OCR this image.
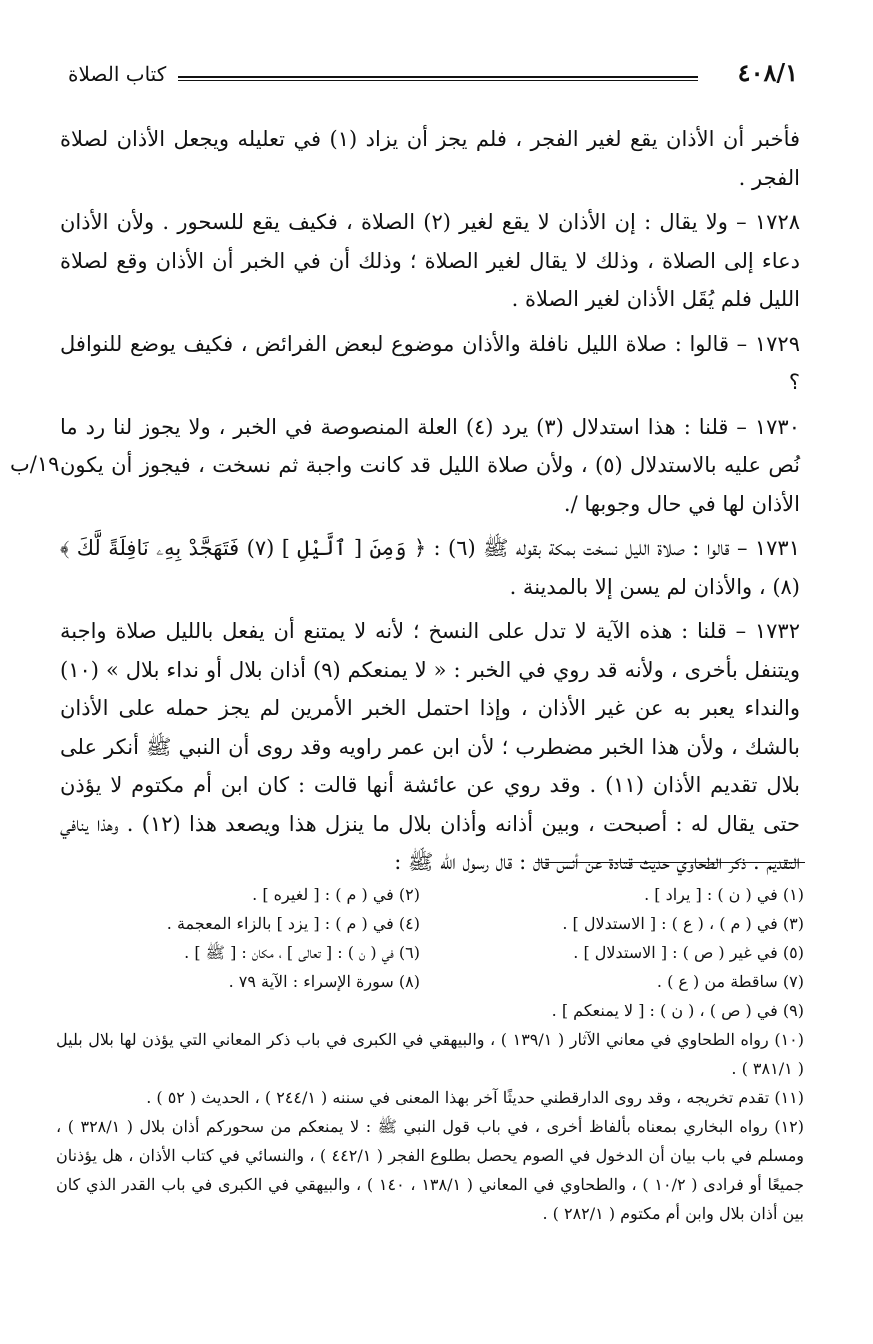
٤٠٨/١
كتاب الصلاة
١٩/ب

فأخبر أن الأذان يقع لغير الفجر ، فلم يجز أن يزاد (١) في تعليله ويجعل الأذان لصلاة الفجر .

١٧٢٨ – ولا يقال : إن الأذان لا يقع لغير (٢) الصلاة ، فكيف يقع للسحور . ولأن الأذان دعاء إلى الصلاة ، وذلك لا يقال لغير الصلاة ؛ وذلك أن في الخبر أن الأذان وقع لصلاة الليل فلم يُقَل الأذان لغير الصلاة .

١٧٢٩ – قالوا : صلاة الليل نافلة والأذان موضوع لبعض الفرائض ، فكيف يوضع للنوافل ؟

١٧٣٠ – قلنا : هذا استدلال (٣) يرد (٤) العلة المنصوصة في الخبر ، ولا يجوز لنا رد ما نُص عليه بالاستدلال (٥) ، ولأن صلاة الليل قد كانت واجبة ثم نسخت ، فيجوز أن يكون الأذان لها في حال وجوبها /.

١٧٣١ – قالوا : صلاة الليل نسخت بمكة بقوله ﷺ (٦) : ﴿ وَمِنَ [ ٱلَّيْلِ ] (٧) فَتَهَجَّدْ بِهِۦ نَافِلَةً لَّكَ ﴾ (٨) ، والأذان لم يسن إلا بالمدينة .

١٧٣٢ – قلنا : هذه الآية لا تدل على النسخ ؛ لأنه لا يمتنع أن يفعل بالليل صلاة واجبة ويتنفل بأخرى ، ولأنه قد روي في الخبر : « لا يمنعكم (٩) أذان بلال أو نداء بلال » (١٠) والنداء يعبر به عن غير الأذان ، وإذا احتمل الخبر الأمرين لم يجز حمله على الأذان بالشك ، ولأن هذا الخبر مضطرب ؛ لأن ابن عمر راويه وقد روى أن النبي ﷺ أنكر على بلال تقديم الأذان (١١) . وقد روي عن عائشة أنها قالت : كان ابن أم مكتوم لا يؤذن حتى يقال له : أصبحت ، وبين أذانه وأذان بلال ما ينزل هذا ويصعد هذا (١٢) . وهذا ينافي التقديم . ذكر الطحاوي حديث قتادة عن أنس قال : قال رسول الله ﷺ :

(١) في ( ن ) : [ يراد ] .
(٢) في ( م ) : [ لغيره ] .
(٣) في ( م ) ، ( ع ) : [ الاستدلال ] .
(٤) في ( م ) : [ يزد ] بالزاء المعجمة .
(٥) في غير ( ص ) : [ الاستدلال ] .
(٦) في ( ن ) : [ تعالى ] ، مكان : [ ﷺ ] .
(٧) ساقطة من ( ع ) .
(٨) سورة الإسراء : الآية ٧٩ .
(٩) في ( ص ) ، ( ن ) : [ لا يمنعكم ] .
(١٠) رواه الطحاوي في معاني الآثار ( ١٣٩/١ ) ، والبيهقي في الكبرى في باب ذكر المعاني التي يؤذن لها بلال بليل ( ٣٨١/١ ) .
(١١) تقدم تخريجه ، وقد روى الدارقطني حديثًا آخر بهذا المعنى في سننه ( ٢٤٤/١ ) ، الحديث ( ٥٢ ) .
(١٢) رواه البخاري بمعناه بألفاظ أخرى ، في باب قول النبي ﷺ : لا يمنعكم من سحوركم أذان بلال ( ٣٢٨/١ ) ، ومسلم في باب بيان أن الدخول في الصوم يحصل بطلوع الفجر ( ٤٤٢/١ ) ، والنسائي في كتاب الأذان ، هل يؤذنان جميعًا أو فرادى ( ١٠/٢ ) ، والطحاوي في المعاني ( ١٣٨/١ ، ١٤٠ ) ، والبيهقي في الكبرى في باب القدر الذي كان بين أذان بلال وابن أم مكتوم ( ٢٨٢/١ ) .
